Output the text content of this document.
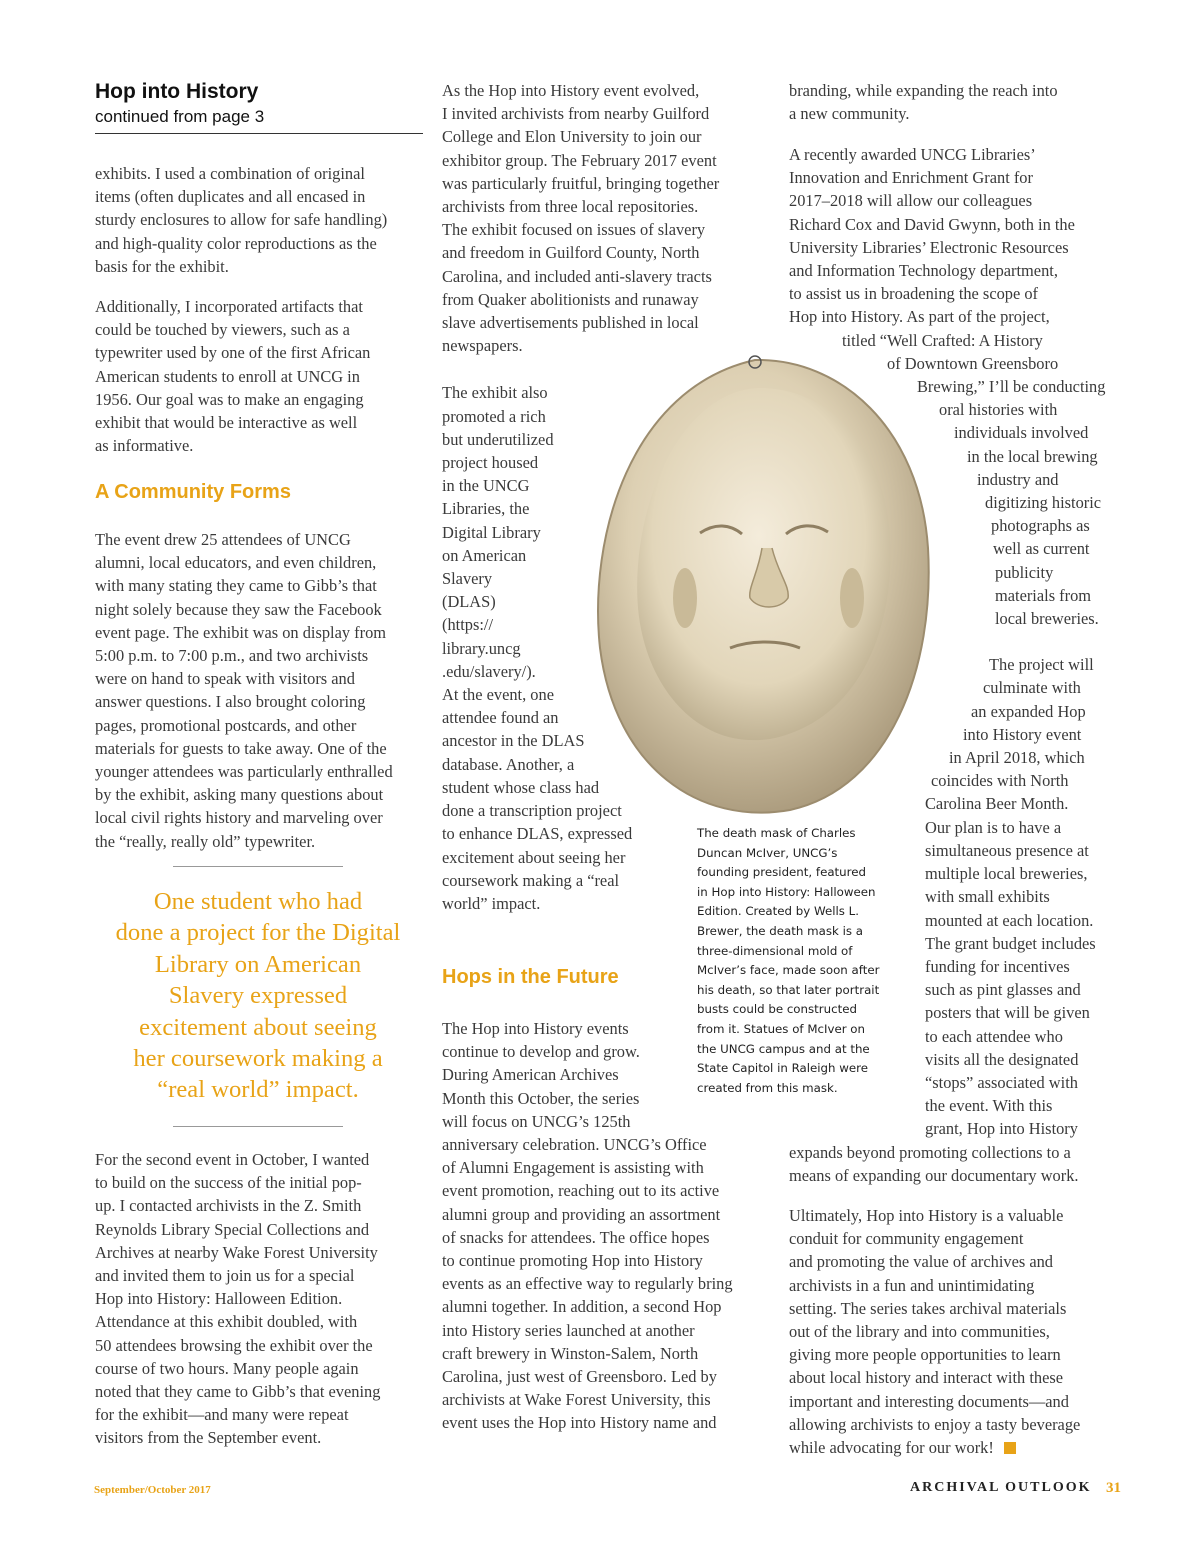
Hop into History
continued from page 3

exhibits. I used a combination of original
items (often duplicates and all encased in
sturdy enclosures to allow for safe handling)
and high-quality color reproductions as the
basis for the exhibit.

Additionally, I incorporated artifacts that
could be touched by viewers, such as a
typewriter used by one of the first African
American students to enroll at UNCG in
1956. Our goal was to make an engaging
exhibit that would be interactive as well
as informative.

A Community Forms

The event drew 25 attendees of UNCG
alumni, local educators, and even children,
with many stating they came to Gibb’s that
night solely because they saw the Facebook
event page. The exhibit was on display from
5:00 p.m. to 7:00 p.m., and two archivists
were on hand to speak with visitors and
answer questions. I also brought coloring
pages, promotional postcards, and other
materials for guests to take away. One of the
younger attendees was particularly enthralled
by the exhibit, asking many questions about
local civil rights history and marveling over
the “really, really old” typewriter.

One student who had
done a project for the Digital
Library on American
Slavery expressed
excitement about seeing
her coursework making a
“real world” impact.

For the second event in October, I wanted
to build on the success of the initial pop-
up. I contacted archivists in the Z. Smith
Reynolds Library Special Collections and
Archives at nearby Wake Forest University
and invited them to join us for a special
Hop into History: Halloween Edition.
Attendance at this exhibit doubled, with
50 attendees browsing the exhibit over the
course of two hours. Many people again
noted that they came to Gibb’s that evening
for the exhibit—and many were repeat
visitors from the September event.

As the Hop into History event evolved,
I invited archivists from nearby Guilford
College and Elon University to join our
exhibitor group. The February 2017 event
was particularly fruitful, bringing together
archivists from three local repositories.
The exhibit focused on issues of slavery
and freedom in Guilford County, North
Carolina, and included anti-slavery tracts
from Quaker abolitionists and runaway
slave advertisements published in local
newspapers.

The exhibit also
promoted a rich
but underutilized
project housed
in the UNCG
Libraries, the
Digital Library
on American
Slavery
(DLAS)
(https://
library.uncg
.edu/slavery/).
At the event, one
attendee found an
ancestor in the DLAS
database. Another, a
student whose class had
done a transcription project
to enhance DLAS, expressed
excitement about seeing her
coursework making a “real
world” impact.

Hops in the Future

The Hop into History events
continue to develop and grow.
During American Archives
Month this October, the series
will focus on UNCG’s 125th
anniversary celebration. UNCG’s Office
of Alumni Engagement is assisting with
event promotion, reaching out to its active
alumni group and providing an assortment
of snacks for attendees. The office hopes
to continue promoting Hop into History
events as an effective way to regularly bring
alumni together. In addition, a second Hop
into History series launched at another
craft brewery in Winston-Salem, North
Carolina, just west of Greensboro. Led by
archivists at Wake Forest University, this
event uses the Hop into History name and

branding, while expanding the reach into
a new community.

A recently awarded UNCG Libraries’
Innovation and Enrichment Grant for
2017–2018 will allow our colleagues
Richard Cox and David Gwynn, both in the
University Libraries’ Electronic Resources
and Information Technology department,
to assist us in broadening the scope of
Hop into History. As part of the project,
titled “Well Crafted: A History
of Downtown Greensboro
Brewing,” I’ll be conducting
oral histories with
individuals involved
in the local brewing
industry and
digitizing historic
photographs as
well as current
publicity
materials from
local breweries.

The project will
culminate with
an expanded Hop
into History event
in April 2018, which
coincides with North
Carolina Beer Month.
Our plan is to have a
simultaneous presence at
multiple local breweries,
with small exhibits
mounted at each location.
The grant budget includes
funding for incentives
such as pint glasses and
posters that will be given
to each attendee who
visits all the designated
“stops” associated with
the event. With this
grant, Hop into History
expands beyond promoting collections to a
means of expanding our documentary work.

Ultimately, Hop into History is a valuable
conduit for community engagement
and promoting the value of archives and
archivists in a fun and unintimidating
setting. The series takes archival materials
out of the library and into communities,
giving more people opportunities to learn
about local history and interact with these
important and interesting documents—and
allowing archivists to enjoy a tasty beverage
while advocating for our work!

The death mask of Charles
Duncan McIver, UNCG’s
founding president, featured
in Hop into History: Halloween
Edition. Created by Wells L.
Brewer, the death mask is a
three-dimensional mold of
McIver’s face, made soon after
his death, so that later portrait
busts could be constructed
from it. Statues of McIver on
the UNCG campus and at the
State Capitol in Raleigh were
created from this mask.
September/October 2017	ARCHIVAL OUTLOOK 31
